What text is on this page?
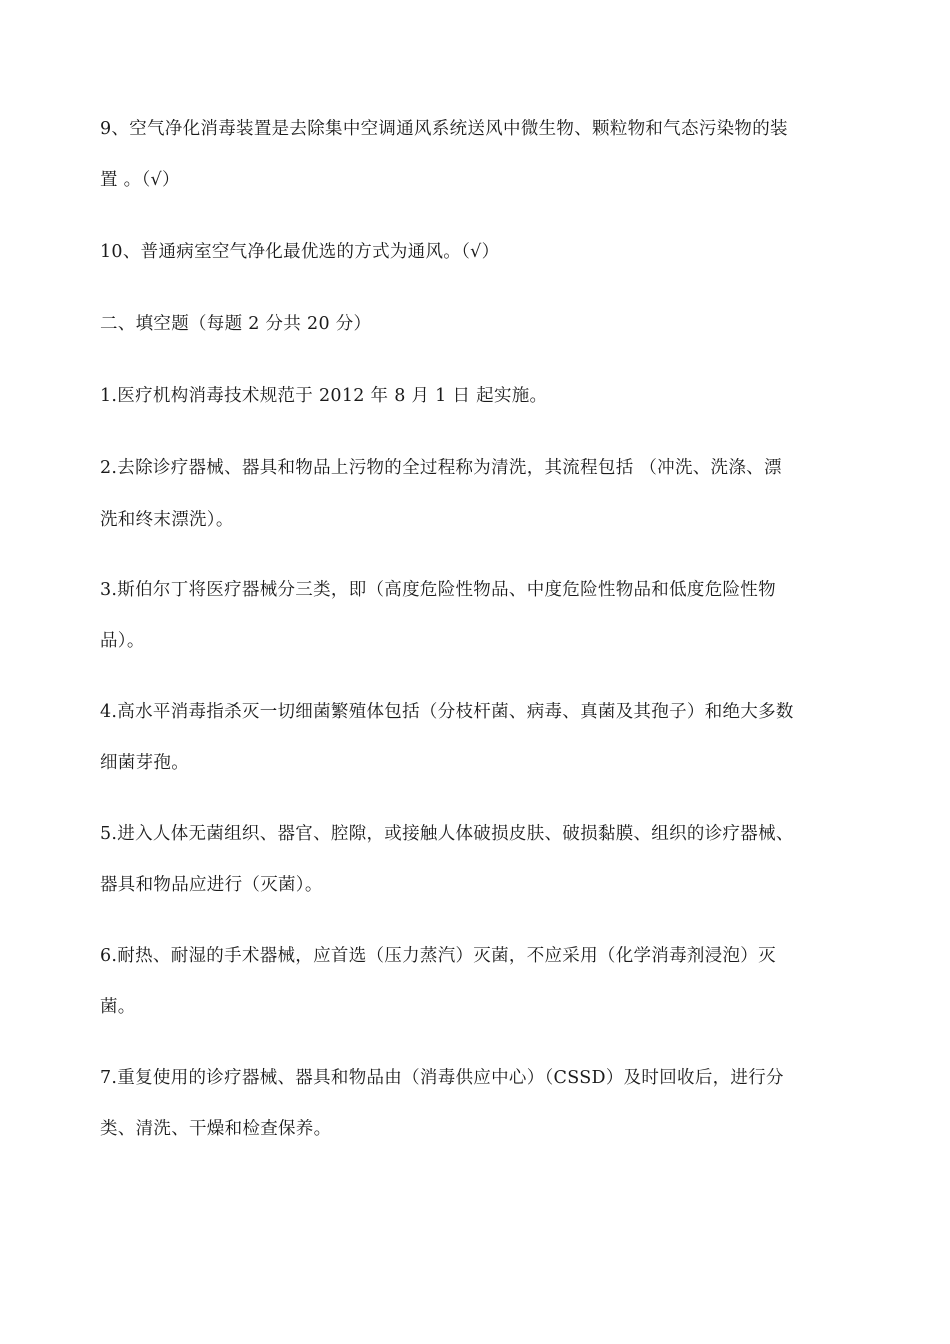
9、空气净化消毒装置是去除集中空调通风系统送风中微生物、颗粒物和气态污染物的装
置 。（√）
10、普通病室空气净化最优选的方式为通风。（√）
二、填空题（每题 2 分共 20 分）
1.医疗机构消毒技术规范于 2012 年 8 月 1 日 起实施。
2.去除诊疗器械、器具和物品上污物的全过程称为清洗，其流程包括 （冲洗、洗涤、漂
洗和终末漂洗）。
3.斯伯尔丁将医疗器械分三类，即（高度危险性物品、中度危险性物品和低度危险性物
品）。
4.高水平消毒指杀灭一切细菌繁殖体包括（分枝杆菌、病毒、真菌及其孢子）和绝大多数
细菌芽孢。
5.进入人体无菌组织、器官、腔隙，或接触人体破损皮肤、破损黏膜、组织的诊疗器械、
器具和物品应进行（灭菌）。
6.耐热、耐湿的手术器械，应首选（压力蒸汽）灭菌，不应采用（化学消毒剂浸泡）灭
菌。
7.重复使用的诊疗器械、器具和物品由（消毒供应中心）（CSSD）及时回收后，进行分
类、清洗、干燥和检查保养。
